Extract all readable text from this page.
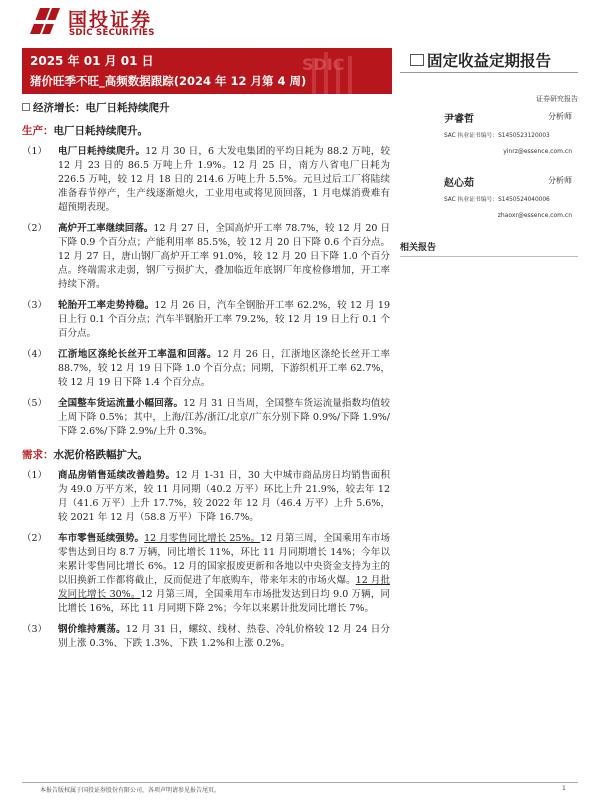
国投证券
SDIC SECURITIES
SDIC
2025 年 01 月 01 日
猪价旺季不旺_高频数据跟踪(2024 年 12 月第 4 周)
固定收益定期报告
经济增长：电厂日耗持续爬升
生产：电厂日耗持续爬升。
（1）	电厂日耗持续爬升。12 月 30 日，6 大发电集团的平均日耗为 88.2 万吨，较 12 月 23 日的 86.5 万吨上升 1.9%。12 月 25 日，南方八省电厂日耗为 226.5 万吨，较 12 月 18 日的 214.6 万吨上升 5.5%。元旦过后工厂将陆续准备春节停产，生产线逐渐熄火，工业用电或将见顶回落，1 月电煤消费难有超预期表现。
（2）	高炉开工率继续回落。12 月 27 日，全国高炉开工率 78.7%，较 12 月 20 日下降 0.9 个百分点；产能利用率 85.5%，较 12 月 20 日下降 0.6 个百分点。12 月 27 日，唐山钢厂高炉开工率 91.0%，较 12 月 20 日下降 1.0 个百分点。终端需求走弱，钢厂亏损扩大，叠加临近年底钢厂年度检修增加，开工率持续下滑。
（3）	轮胎开工率走势持稳。12 月 26 日，汽车全钢胎开工率 62.2%，较 12 月 19 日上行 0.1 个百分点；汽车半钢胎开工率 79.2%，较 12 月 19 日上行 0.1 个百分点。
（4）	江浙地区涤纶长丝开工率温和回落。12 月 26 日，江浙地区涤纶长丝开工率 88.7%，较 12 月 19 日下降 1.0 个百分点；同期，下游织机开工率 62.7%，较 12 月 19 日下降 1.4 个百分点。
（5）	全国整车货运流量小幅回落。12 月 31 日当周，全国整车货运流量指数均值较上周下降 0.5%；其中，上海/江苏/浙江/北京/广东分别下降 0.9%/下降 1.9%/下降 2.6%/下降 2.9%/上升 0.3%。
需求：水泥价格跌幅扩大。
（1）	商品房销售延续改善趋势。12 月 1-31 日，30 大中城市商品房日均销售面积为 49.0 万平方米，较 11 月同期（40.2 万平）环比上升 21.9%，较去年 12 月（41.6 万平）上升 17.7%，较 2022 年 12 月（46.4 万平）上升 5.6%，较 2021 年 12 月（58.8 万平）下降 16.7%。
（2）	车市零售延续强势。12 月零售同比增长 25%。12 月第三周，全国乘用车市场零售达到日均 8.7 万辆，同比增长 11%，环比 11 月同期增长 14%；今年以来累计零售同比增长 6%。12 月的国家报废更新和各地以中央资金支持为主的以旧换新工作都将截止，反而促进了年底购车，带来年末的市场火爆。12 月批发同比增长 30%。12 月第三周，全国乘用车市场批发达到日均 9.0 万辆，同比增长 16%，环比 11 月同期下降 2%；今年以来累计批发同比增长 7%。
（3）	钢价维持震荡。12 月 31 日，螺纹、线材、热卷、冷轧价格较 12 月 24 日分别上涨 0.3%、下跌 1.3%、下跌 1.2%和上涨 0.2%。
证券研究报告
尹睿哲	分析师
SAC 执业证书编号：S1450523120003
yinrz@essence.com.cn
赵心茹	分析师
SAC 执业证书编号：S1450524040006
zhaoxr@essence.com.cn
相关报告
本报告版权属于国投证券股份有限公司，各项声明请参见报告尾页。	1
